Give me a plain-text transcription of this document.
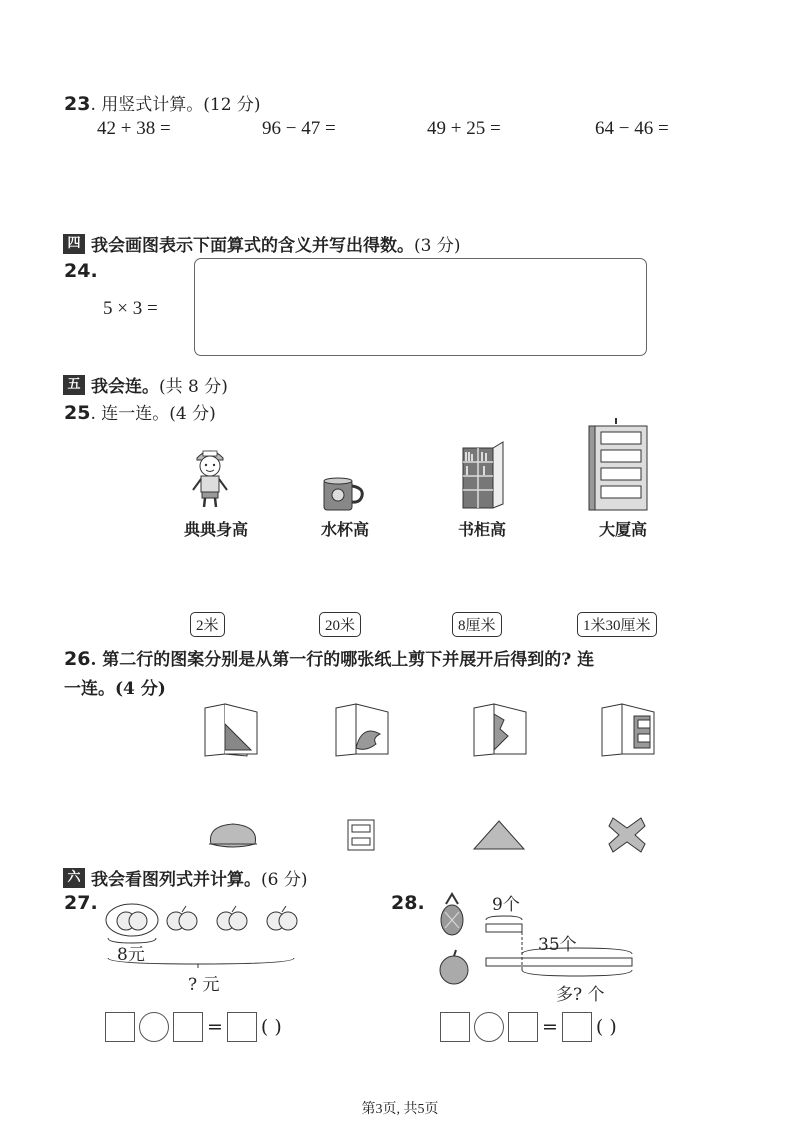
23. 用竖式计算。(12 分)
42 + 38 =	96 − 47 =	49 + 25 =	64 − 46 =
四 我会画图表示下面算式的含义并写出得数。 (3 分)
24.
5 × 3 =
五 我会连。 (共 8 分)
25. 连一连。(4 分)
典典身高	水杯高	书柜高	大厦高
2米	20米	8厘米	1米30厘米
26. 第二行的图案分别是从第一行的哪张纸上剪下并展开后得到的? 连
一连。(4 分)
六 我会看图列式并计算。 (6 分)
27.
8元
? 元
= ( )
28.	9个
35个
多? 个
= ( )
第3页, 共5页
